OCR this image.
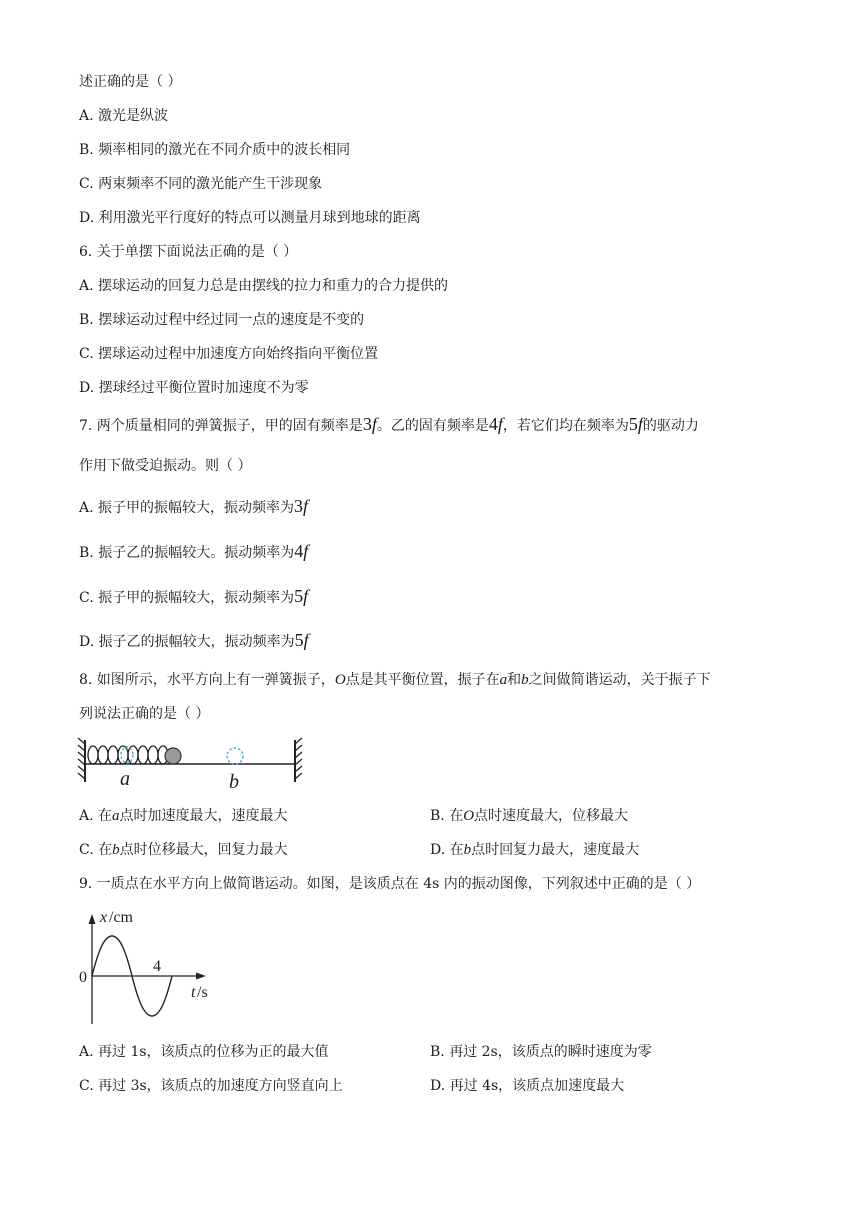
述正确的是（ ）
A. 激光是纵波
B. 频率相同的激光在不同介质中的波长相同
C. 两束频率不同的激光能产生干涉现象
D. 利用激光平行度好的特点可以测量月球到地球的距离
6. 关于单摆下面说法正确的是（ ）
A. 摆球运动的回复力总是由摆线的拉力和重力的合力提供的
B. 摆球运动过程中经过同一点的速度是不变的
C. 摆球运动过程中加速度方向始终指向平衡位置
D. 摆球经过平衡位置时加速度不为零
7. 两个质量相同的弹簧振子，甲的固有频率是3f。乙的固有频率是4f，若它们均在频率为5f的驱动力
作用下做受迫振动。则（ ）
A. 振子甲的振幅较大，振动频率为3f
B. 振子乙的振幅较大。振动频率为4f
C. 振子甲的振幅较大，振动频率为5f
D. 振子乙的振幅较大，振动频率为5f
8. 如图所示，水平方向上有一弹簧振子，O点是其平衡位置，振子在a和b之间做简谐运动，关于振子下
列说法正确的是（ ）
a	b
A. 在a点时加速度最大，速度最大	B. 在O点时速度最大，位移最大
C. 在b点时位移最大，回复力最大	D. 在b点时回复力最大，速度最大
9. 一质点在水平方向上做简谐运动。如图，是该质点在 4s 内的振动图像，下列叙述中正确的是（ ）
x /cm
0
4
t /s
A. 再过 1s，该质点的位移为正的最大值	B. 再过 2s，该质点的瞬时速度为零
C. 再过 3s，该质点的加速度方向竖直向上	D. 再过 4s，该质点加速度最大
